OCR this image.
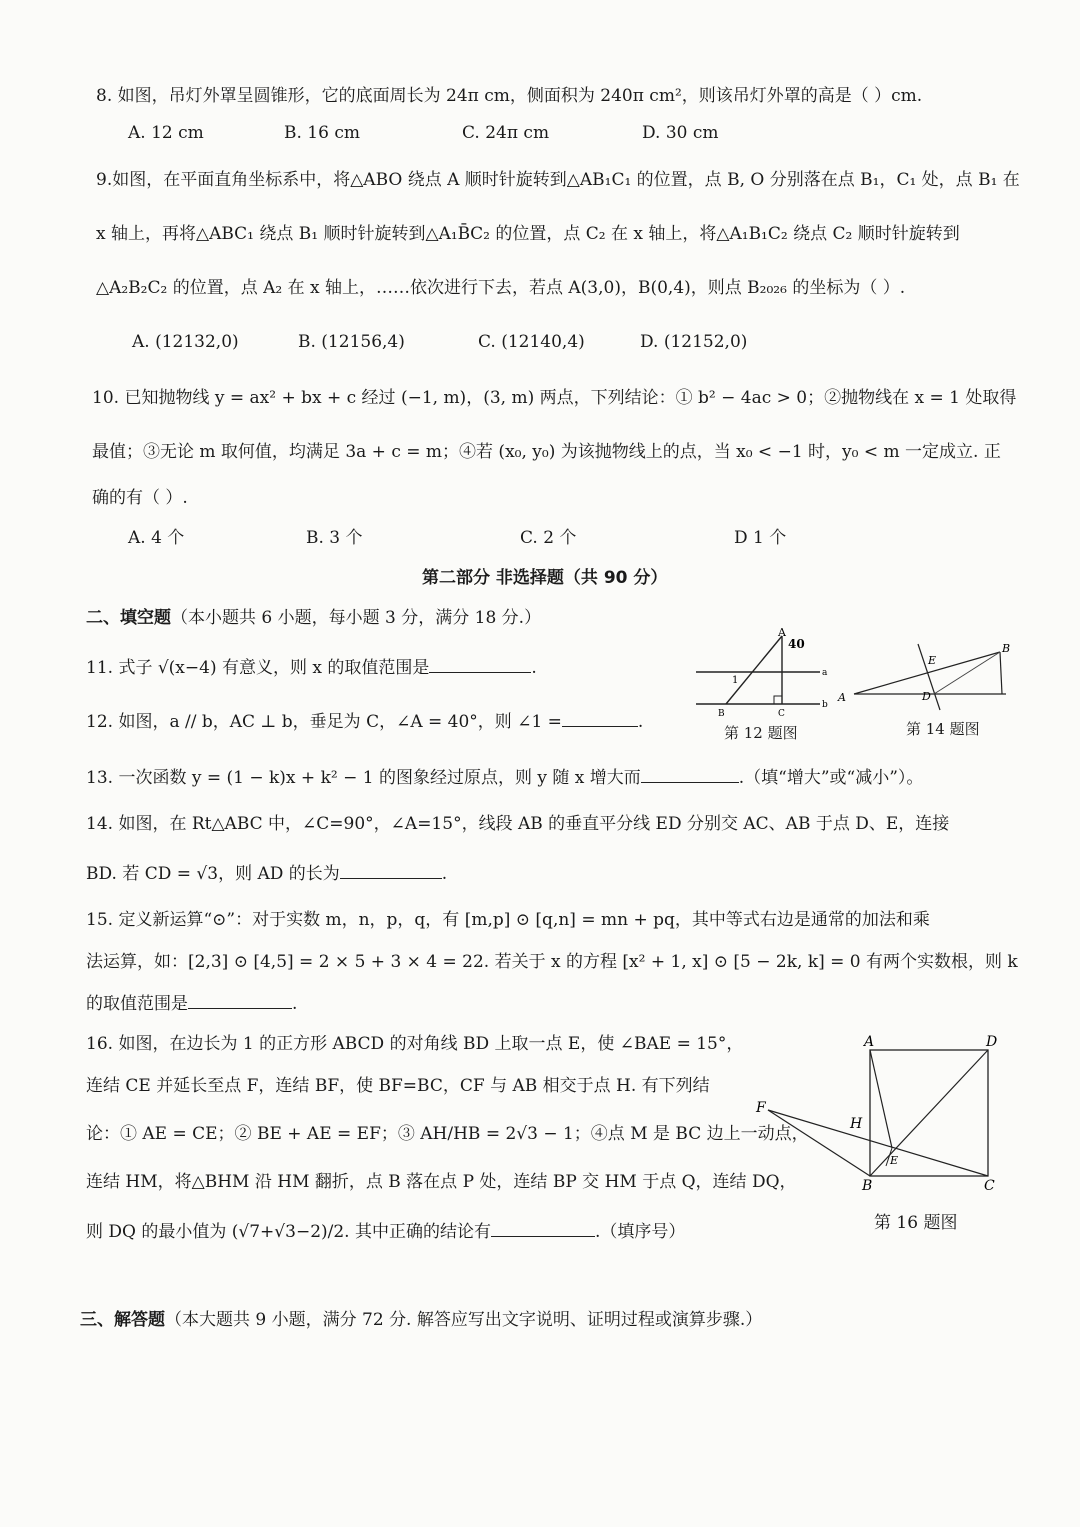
8. 如图，吊灯外罩呈圆锥形，它的底面周长为 24π cm，侧面积为 240π cm²，则该吊灯外罩的高是（ ）cm.
A. 12 cm	B. 16 cm	C. 24π cm	D. 30 cm
9.如图，在平面直角坐标系中，将△ABO 绕点 A 顺时针旋转到△AB₁C₁ 的位置，点 B, O 分别落在点 B₁，C₁ 处，点 B₁ 在
x 轴上，再将△ABC₁ 绕点 B₁ 顺时针旋转到△A₁B̄C₂ 的位置，点 C₂ 在 x 轴上，将△A₁B₁C₂ 绕点 C₂ 顺时针旋转到
△A₂B₂C₂ 的位置，点 A₂ 在 x 轴上，……依次进行下去，若点 A(3,0)，B(0,4)，则点 B₂₀₂₆ 的坐标为（ ）.
A. (12132,0)	B. (12156,4)	C. (12140,4)	D. (12152,0)
10. 已知抛物线 y = ax² + bx + c 经过 (−1, m)，(3, m) 两点，下列结论：① b² − 4ac > 0；②抛物线在 x = 1 处取得
最值；③无论 m 取何值，均满足 3a + c = m；④若 (x₀, y₀) 为该抛物线上的点，当 x₀ < −1 时，y₀ < m 一定成立. 正
确的有（ ）.
A. 4 个	B. 3 个	C. 2 个	D 1 个
第二部分 非选择题（共 90 分）
二、填空题（本小题共 6 小题，每小题 3 分，满分 18 分.）
11. 式子 √(x−4) 有意义，则 x 的取值范围是	.
12. 如图，a // b，AC ⊥ b，垂足为 C，∠A = 40°，则 ∠1 =	.
13. 一次函数 y = (1 − k)x + k² − 1 的图象经过原点，则 y 随 x 增大而	.（填“增大”或“减小”）。
14. 如图，在 Rt△ABC 中，∠C=90°，∠A=15°，线段 AB 的垂直平分线 ED 分别交 AC、AB 于点 D、E，连接
BD. 若 CD = √3，则 AD 的长为	.
15. 定义新运算“⊙”：对于实数 m，n，p，q，有 [m,p] ⊙ [q,n] = mn + pq，其中等式右边是通常的加法和乘
法运算，如：[2,3] ⊙ [4,5] = 2 × 5 + 3 × 4 = 22. 若关于 x 的方程 [x² + 1, x] ⊙ [5 − 2k, k] = 0 有两个实数根，则 k
的取值范围是	.
16. 如图，在边长为 1 的正方形 ABCD 的对角线 BD 上取一点 E，使 ∠BAE = 15°，
连结 CE 并延长至点 F，连结 BF，使 BF=BC，CF 与 AB 相交于点 H. 有下列结
论：① AE = CE；② BE + AE = EF；③ AH/HB = 2√3 − 1；④点 M 是 BC 边上一动点，
连结 HM，将△BHM 沿 HM 翻折，点 B 落在点 P 处，连结 BP 交 HM 于点 Q，连结 DQ，
则 DQ 的最小值为 (√7+√3−2)/2. 其中正确的结论有	.（填序号）
三、解答题（本大题共 9 小题，满分 72 分. 解答应写出文字说明、证明过程或演算步骤.）
A
40
a
b
B	C
1
第 12 题图
A
B
D
E
第 14 题图
A	D
B	C
F
H
E
第 16 题图
